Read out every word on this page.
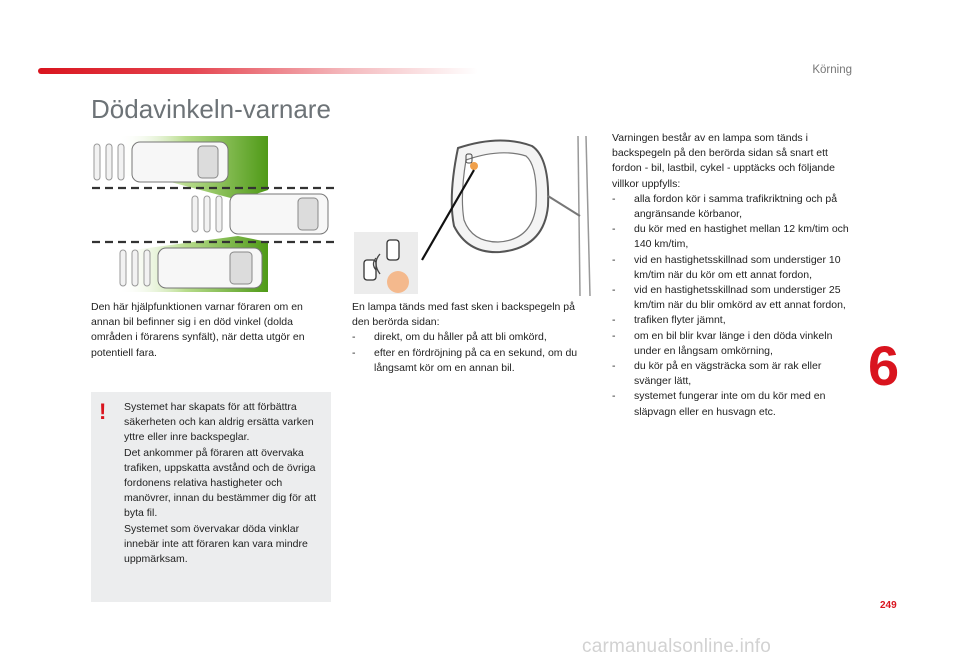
Körning
Dödavinkeln-varnare

Den här hjälpfunktionen varnar föraren om en annan bil befinner sig i en död vinkel (dolda områden i förarens synfält), när detta utgör en potentiell fara.

! Systemet har skapats för att förbättra säkerheten och kan aldrig ersätta varken yttre eller inre backspeglar.

Det ankommer på föraren att övervaka trafiken, uppskatta avstånd och de övriga fordonens relativa hastigheter och manövrer, innan du bestämmer dig för att byta fil.

Systemet som övervakar döda vinklar innebär inte att föraren kan vara mindre uppmärksam.

En lampa tänds med fast sken i backspegeln på den berörda sidan:

- direkt, om du håller på att bli omkörd,
- efter en fördröjning på ca en sekund, om du långsamt kör om en annan bil.

Varningen består av en lampa som tänds i backspegeln på den berörda sidan så snart ett fordon - bil, lastbil, cykel - upptäcks och följande villkor uppfylls:

- alla fordon kör i samma trafikriktning och på angränsande körbanor,
- du kör med en hastighet mellan 12 km/tim och 140 km/tim,
- vid en hastighetsskillnad som understiger 10 km/tim när du kör om ett annat fordon,
- vid en hastighetsskillnad som understiger 25 km/tim när du blir omkörd av ett annat fordon,
- trafiken flyter jämnt,
- om en bil blir kvar länge i den döda vinkeln under en långsam omkörning,
- du kör på en vägsträcka som är rak eller svänger lätt,
- systemet fungerar inte om du kör med en släpvagn eller en husvagn etc.
6
249
carmanualsonline.info
